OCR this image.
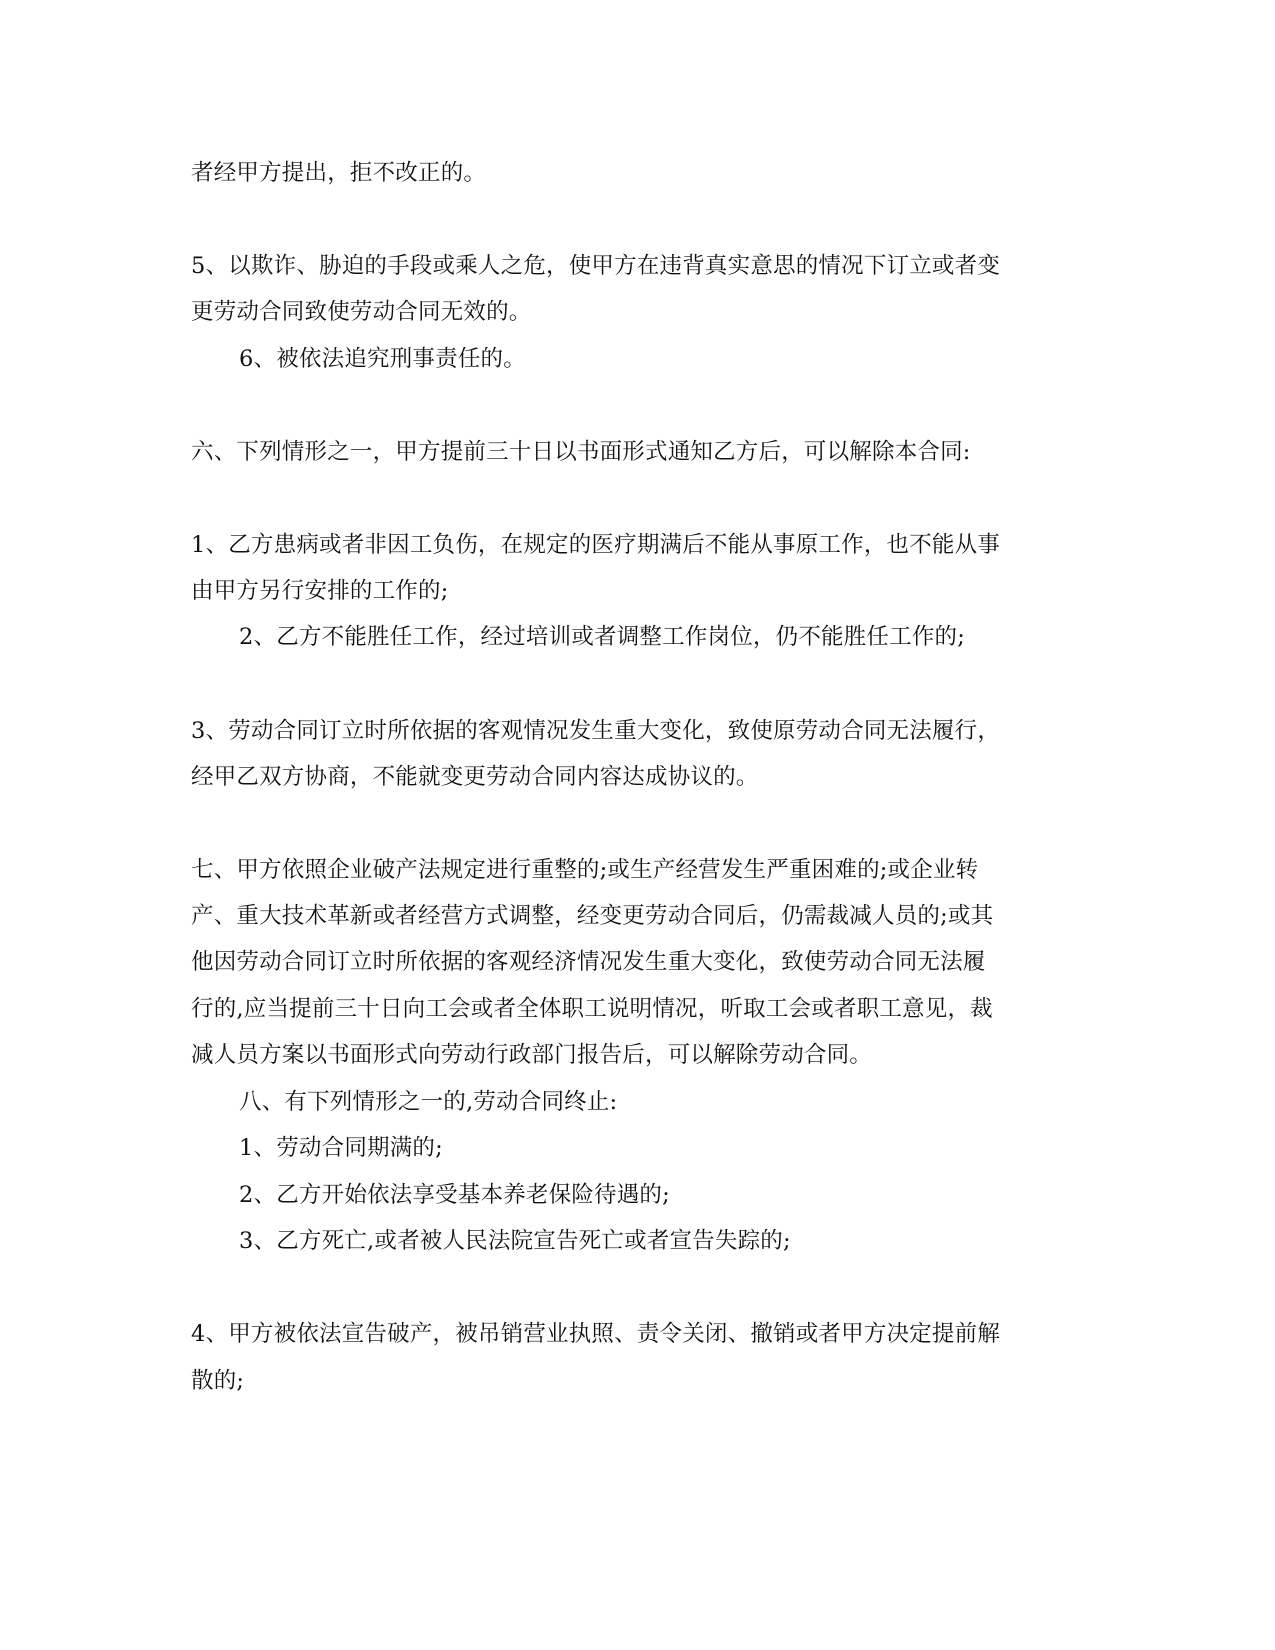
者经甲方提出，拒不改正的。
5、以欺诈、胁迫的手段或乘人之危，使甲方在违背真实意思的情况下订立或者变
更劳动合同致使劳动合同无效的。
6、被依法追究刑事责任的。
六、下列情形之一，甲方提前三十日以书面形式通知乙方后，可以解除本合同:
1、乙方患病或者非因工负伤，在规定的医疗期满后不能从事原工作，也不能从事
由甲方另行安排的工作的;
2、乙方不能胜任工作，经过培训或者调整工作岗位，仍不能胜任工作的;
3、劳动合同订立时所依据的客观情况发生重大变化，致使原劳动合同无法履行，
经甲乙双方协商，不能就变更劳动合同内容达成协议的。
七、甲方依照企业破产法规定进行重整的;或生产经营发生严重困难的;或企业转
产、重大技术革新或者经营方式调整，经变更劳动合同后，仍需裁减人员的;或其
他因劳动合同订立时所依据的客观经济情况发生重大变化，致使劳动合同无法履
行的,应当提前三十日向工会或者全体职工说明情况，听取工会或者职工意见，裁
减人员方案以书面形式向劳动行政部门报告后，可以解除劳动合同。
八、有下列情形之一的,劳动合同终止:
1、劳动合同期满的;
2、乙方开始依法享受基本养老保险待遇的;
3、乙方死亡,或者被人民法院宣告死亡或者宣告失踪的;
4、甲方被依法宣告破产，被吊销营业执照、责令关闭、撤销或者甲方决定提前解
散的;
